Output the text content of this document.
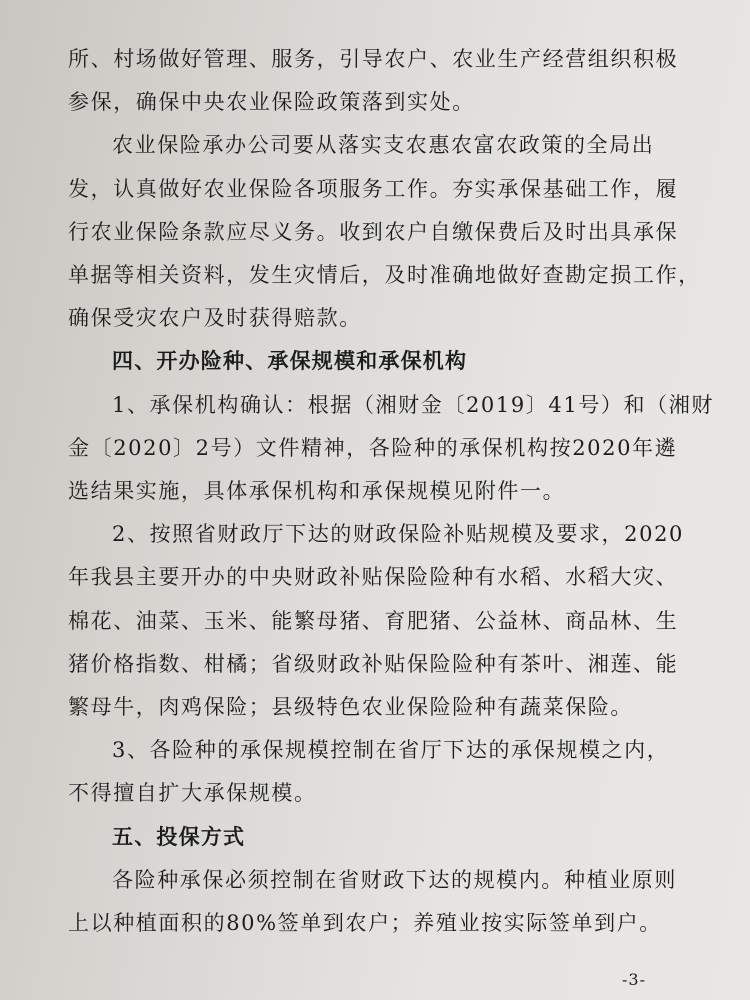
所、村场做好管理、服务，引导农户、农业生产经营组织积极
参保，确保中央农业保险政策落到实处。
农业保险承办公司要从落实支农惠农富农政策的全局出
发，认真做好农业保险各项服务工作。夯实承保基础工作，履
行农业保险条款应尽义务。收到农户自缴保费后及时出具承保
单据等相关资料，发生灾情后，及时准确地做好查勘定损工作，
确保受灾农户及时获得赔款。
四、开办险种、承保规模和承保机构
1、承保机构确认：根据（湘财金〔2019〕41号）和（湘财
金〔2020〕2号）文件精神，各险种的承保机构按2020年遴
选结果实施，具体承保机构和承保规模见附件一。
2、按照省财政厅下达的财政保险补贴规模及要求，2020
年我县主要开办的中央财政补贴保险险种有水稻、水稻大灾、
棉花、油菜、玉米、能繁母猪、育肥猪、公益林、商品林、生
猪价格指数、柑橘；省级财政补贴保险险种有茶叶、湘莲、能
繁母牛，肉鸡保险；县级特色农业保险险种有蔬菜保险。
3、各险种的承保规模控制在省厅下达的承保规模之内，
不得擅自扩大承保规模。
五、投保方式
各险种承保必须控制在省财政下达的规模内。种植业原则
上以种植面积的80%签单到农户；养殖业按实际签单到户。
-3-
